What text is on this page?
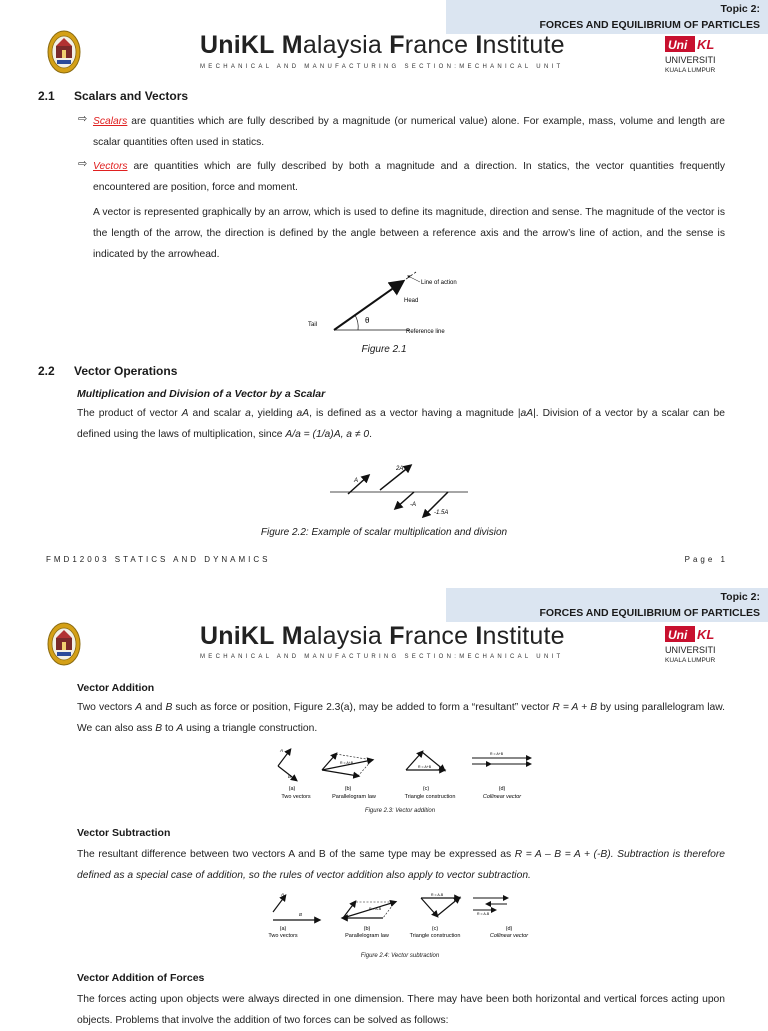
Topic 2:
FORCES AND EQUILIBRIUM OF PARTICLES
UniKL Malaysia France Institute
MECHANICAL AND MANUFACTURING SECTION:MECHANICAL UNIT
Uni KL
UNIVERSITI
KUALA LUMPUR
2.1 Scalars and Vectors
⇨ Scalars are quantities which are fully described by a magnitude (or numerical value) alone. For example, mass, volume and length are scalar quantities often used in statics.
⇨ Vectors are quantities which are fully described by both a magnitude and a direction. In statics, the vector quantities frequently encountered are position, force and moment.
A vector is represented graphically by an arrow, which is used to define its magnitude, direction and sense. The magnitude of the vector is the length of the arrow, the direction is defined by the angle between a reference axis and the arrow’s line of action, and the sense is indicated by the arrowhead.
θ
Line of action
Head
Tail
Reference line
Figure 2.1
2.2 Vector Operations
Multiplication and Division of a Vector by a Scalar
The product of vector A and scalar a, yielding aA, is defined as a vector having a magnitude |aA|. Division of a vector by a scalar can be defined using the laws of multiplication, since A/a = (1/a)A, a ≠ 0.
A
2A
-A
-1.5A
Figure 2.2: Example of scalar multiplication and division
FMD12003 STATICS AND DYNAMICS	Page 1
Topic 2:
FORCES AND EQUILIBRIUM OF PARTICLES
UniKL Malaysia France Institute
MECHANICAL AND MANUFACTURING SECTION:MECHANICAL UNIT
Uni KL
UNIVERSITI
KUALA LUMPUR
Vector Addition
Two vectors A and B such as force or position, Figure 2.3(a), may be added to form a “resultant” vector R = A + B by using parallelogram law. We can also ass B to A using a triangle construction.
A
B
R = A+B
R = A+B
R = A+B
(a)
Two vectors
(b)
Parallelogram law
(c)
Triangle construction
(d)
Collinear vector
Figure 2.3: Vector addition
Vector Subtraction
The resultant difference between two vectors A and B of the same type may be expressed as R = A – B = A + (-B). Subtraction is therefore defined as a special case of addition, so the rules of vector addition also apply to vector subtraction.
A
B
R = A-B
R = A-B
R = A-B
(a)
Two vectors
(b)
Parallelogram law
(c)
Triangle construction
(d)
Collinear vector
Figure 2.4: Vector subtraction
Vector Addition of Forces
The forces acting upon objects were always directed in one dimension. There may have been both horizontal and vertical forces acting upon objects. Problems that involve the addition of two forces can be solved as follows:
